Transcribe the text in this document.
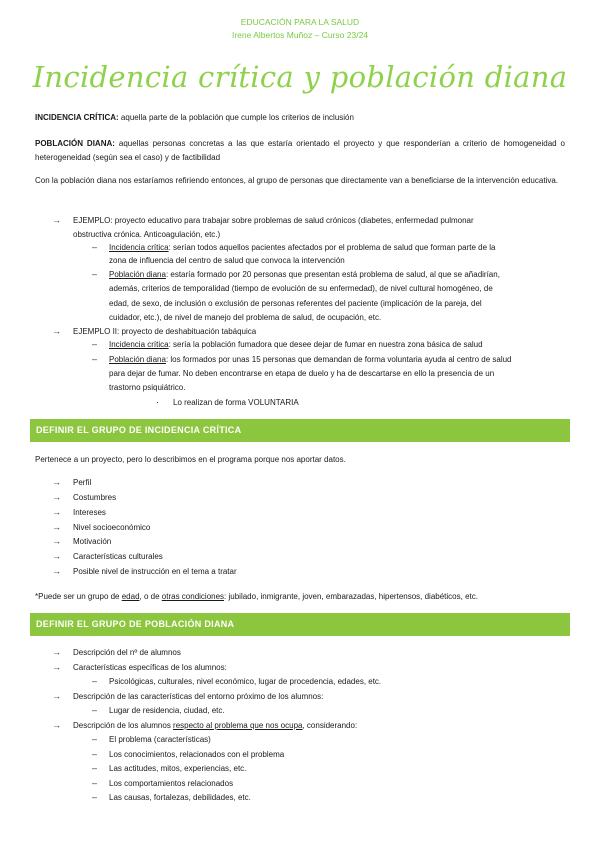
EDUCACIÓN PARA LA SALUD
Irene Albertos Muñoz – Curso 23/24
Incidencia crítica y población diana
INCIDENCIA CRÍTICA: aquella parte de la población que cumple los criterios de inclusión
POBLACIÓN DIANA: aquellas personas concretas a las que estaría orientado el proyecto y que responderían a criterio de homogeneidad o heterogeneidad (según sea el caso) y de factibilidad
Con la población diana nos estaríamos refiriendo entonces, al grupo de personas que directamente van a beneficiarse de la intervención educativa.
→ EJEMPLO: proyecto educativo para trabajar sobre problemas de salud crónicos (diabetes, enfermedad pulmonar
obstructiva crónica. Anticoagulación, etc.)
– Incidencia crítica: serían todos aquellos pacientes afectados por el problema de salud que forman parte de la
zona de influencia del centro de salud que convoca la intervención
– Población diana: estaría formado por 20 personas que presentan está problema de salud, al que se añadirían,
además, criterios de temporalidad (tiempo de evolución de su enfermedad), de nivel cultural homogéneo, de
edad, de sexo, de inclusión o exclusión de personas referentes del paciente (implicación de la pareja, del
cuidador, etc.), de nivel de manejo del problema de salud, de ocupación, etc.
→ EJEMPLO II: proyecto de deshabituación tabáquica
– Incidencia crítica: sería la población fumadora que desee dejar de fumar en nuestra zona básica de salud
– Población diana: los formados por unas 15 personas que demandan de forma voluntaria ayuda al centro de salud
para dejar de fumar. No deben encontrarse en etapa de duelo y ha de descartarse en ello la presencia de un
trastorno psiquiátrico.
· Lo realizan de forma VOLUNTARIA
DEFINIR EL GRUPO DE INCIDENCIA CRÍTICA
Pertenece a un proyecto, pero lo describimos en el programa porque nos aportar datos.
→ Perfil
→ Costumbres
→ Intereses
→ Nivel socioeconómico
→ Motivación
→ Características culturales
→ Posible nivel de instrucción en el tema a tratar
*Puede ser un grupo de edad, o de otras condiciones: jubilado, inmigrante, joven, embarazadas, hipertensos, diabéticos, etc.
DEFINIR EL GRUPO DE POBLACIÓN DIANA
→ Descripción del nº de alumnos
→ Características específicas de los alumnos:
– Psicológicas, culturales, nivel económico, lugar de procedencia, edades, etc.
→ Descripción de las características del entorno próximo de los alumnos:
– Lugar de residencia, ciudad, etc.
→ Descripción de los alumnos respecto al problema que nos ocupa, considerando:
– El problema (características)
– Los conocimientos, relacionados con el problema
– Las actitudes, mitos, experiencias, etc.
– Los comportamientos relacionados
– Las causas, fortalezas, debilidades, etc.
